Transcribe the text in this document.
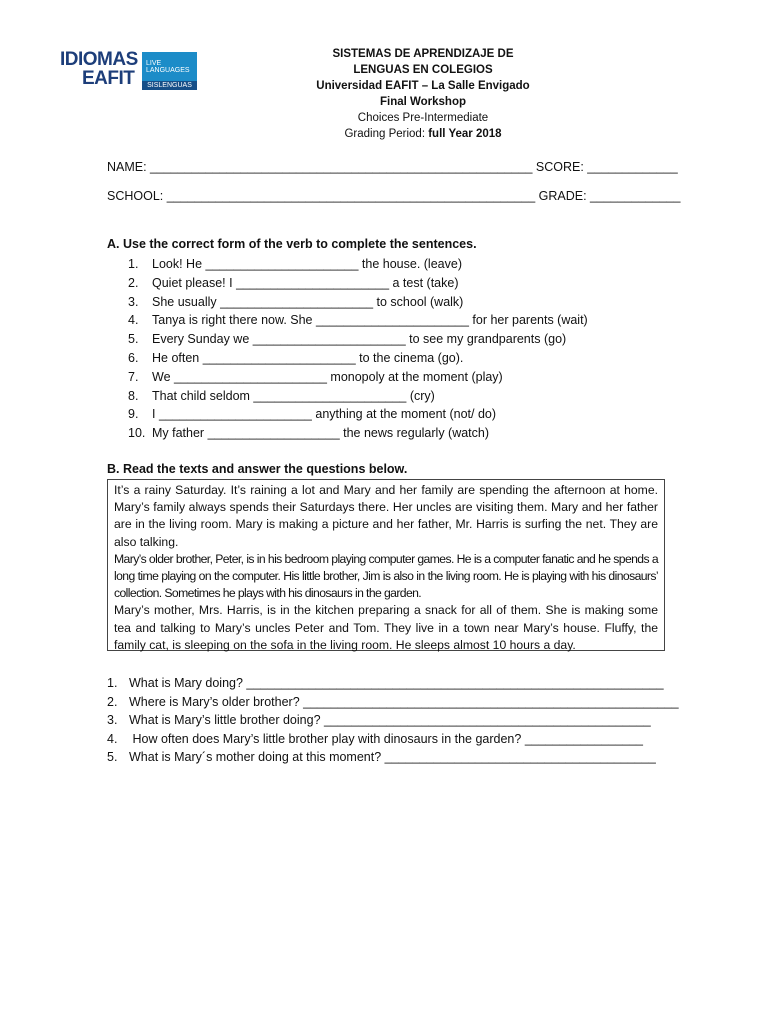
IDIOMAS
EAFIT
LIVE LANGUAGES
SISLENGUAS
SISTEMAS DE APRENDIZAJE DE
LENGUAS EN COLEGIOS
Universidad EAFIT – La Salle Envigado
Final Workshop
Choices Pre-Intermediate
Grading Period: full Year 2018
NAME: _______________________________________________________ SCORE: _____________
SCHOOL: _____________________________________________________ GRADE: _____________
A. Use the correct form of the verb to complete the sentences.
1. Look! He ______________________ the house. (leave)
2. Quiet please! I ______________________ a test (take)
3. She usually ______________________ to school (walk)
4. Tanya is right there now. She ______________________ for her parents (wait)
5. Every Sunday we ______________________ to see my grandparents (go)
6. He often ______________________ to the cinema (go).
7. We ______________________ monopoly at the moment (play)
8. That child seldom ______________________ (cry)
9. I ______________________ anything at the moment (not/ do)
10. My father ___________________ the news regularly (watch)
B. Read the texts and answer the questions below.

It’s a rainy Saturday. It’s raining a lot and Mary and her family are spending the afternoon at home. Mary’s family always spends their Saturdays there. Her uncles are visiting them. Mary and her father are in the living room. Mary is making a picture and her father, Mr. Harris is surfing the net. They are also talking.

Mary’s older brother, Peter, is in his bedroom playing computer games. He is a computer fanatic and he spends a long time playing on the computer. His little brother, Jim is also in the living room. He is playing with his dinosaurs’ collection. Sometimes he plays with his dinosaurs in the garden.

Mary’s mother, Mrs. Harris, is in the kitchen preparing a snack for all of them. She is making some tea and talking to Mary’s uncles Peter and Tom. They live in a town near Mary’s house. Fluffy, the family cat, is sleeping on the sofa in the living room. He sleeps almost 10 hours a day.

1. What is Mary doing? ____________________________________________________________
2. Where is Mary’s older brother? ______________________________________________________
3. What is Mary’s little brother doing? _______________________________________________
4. How often does Mary’s little brother play with dinosaurs in the garden? _________________
5. What is Mary´s mother doing at this moment? _______________________________________
